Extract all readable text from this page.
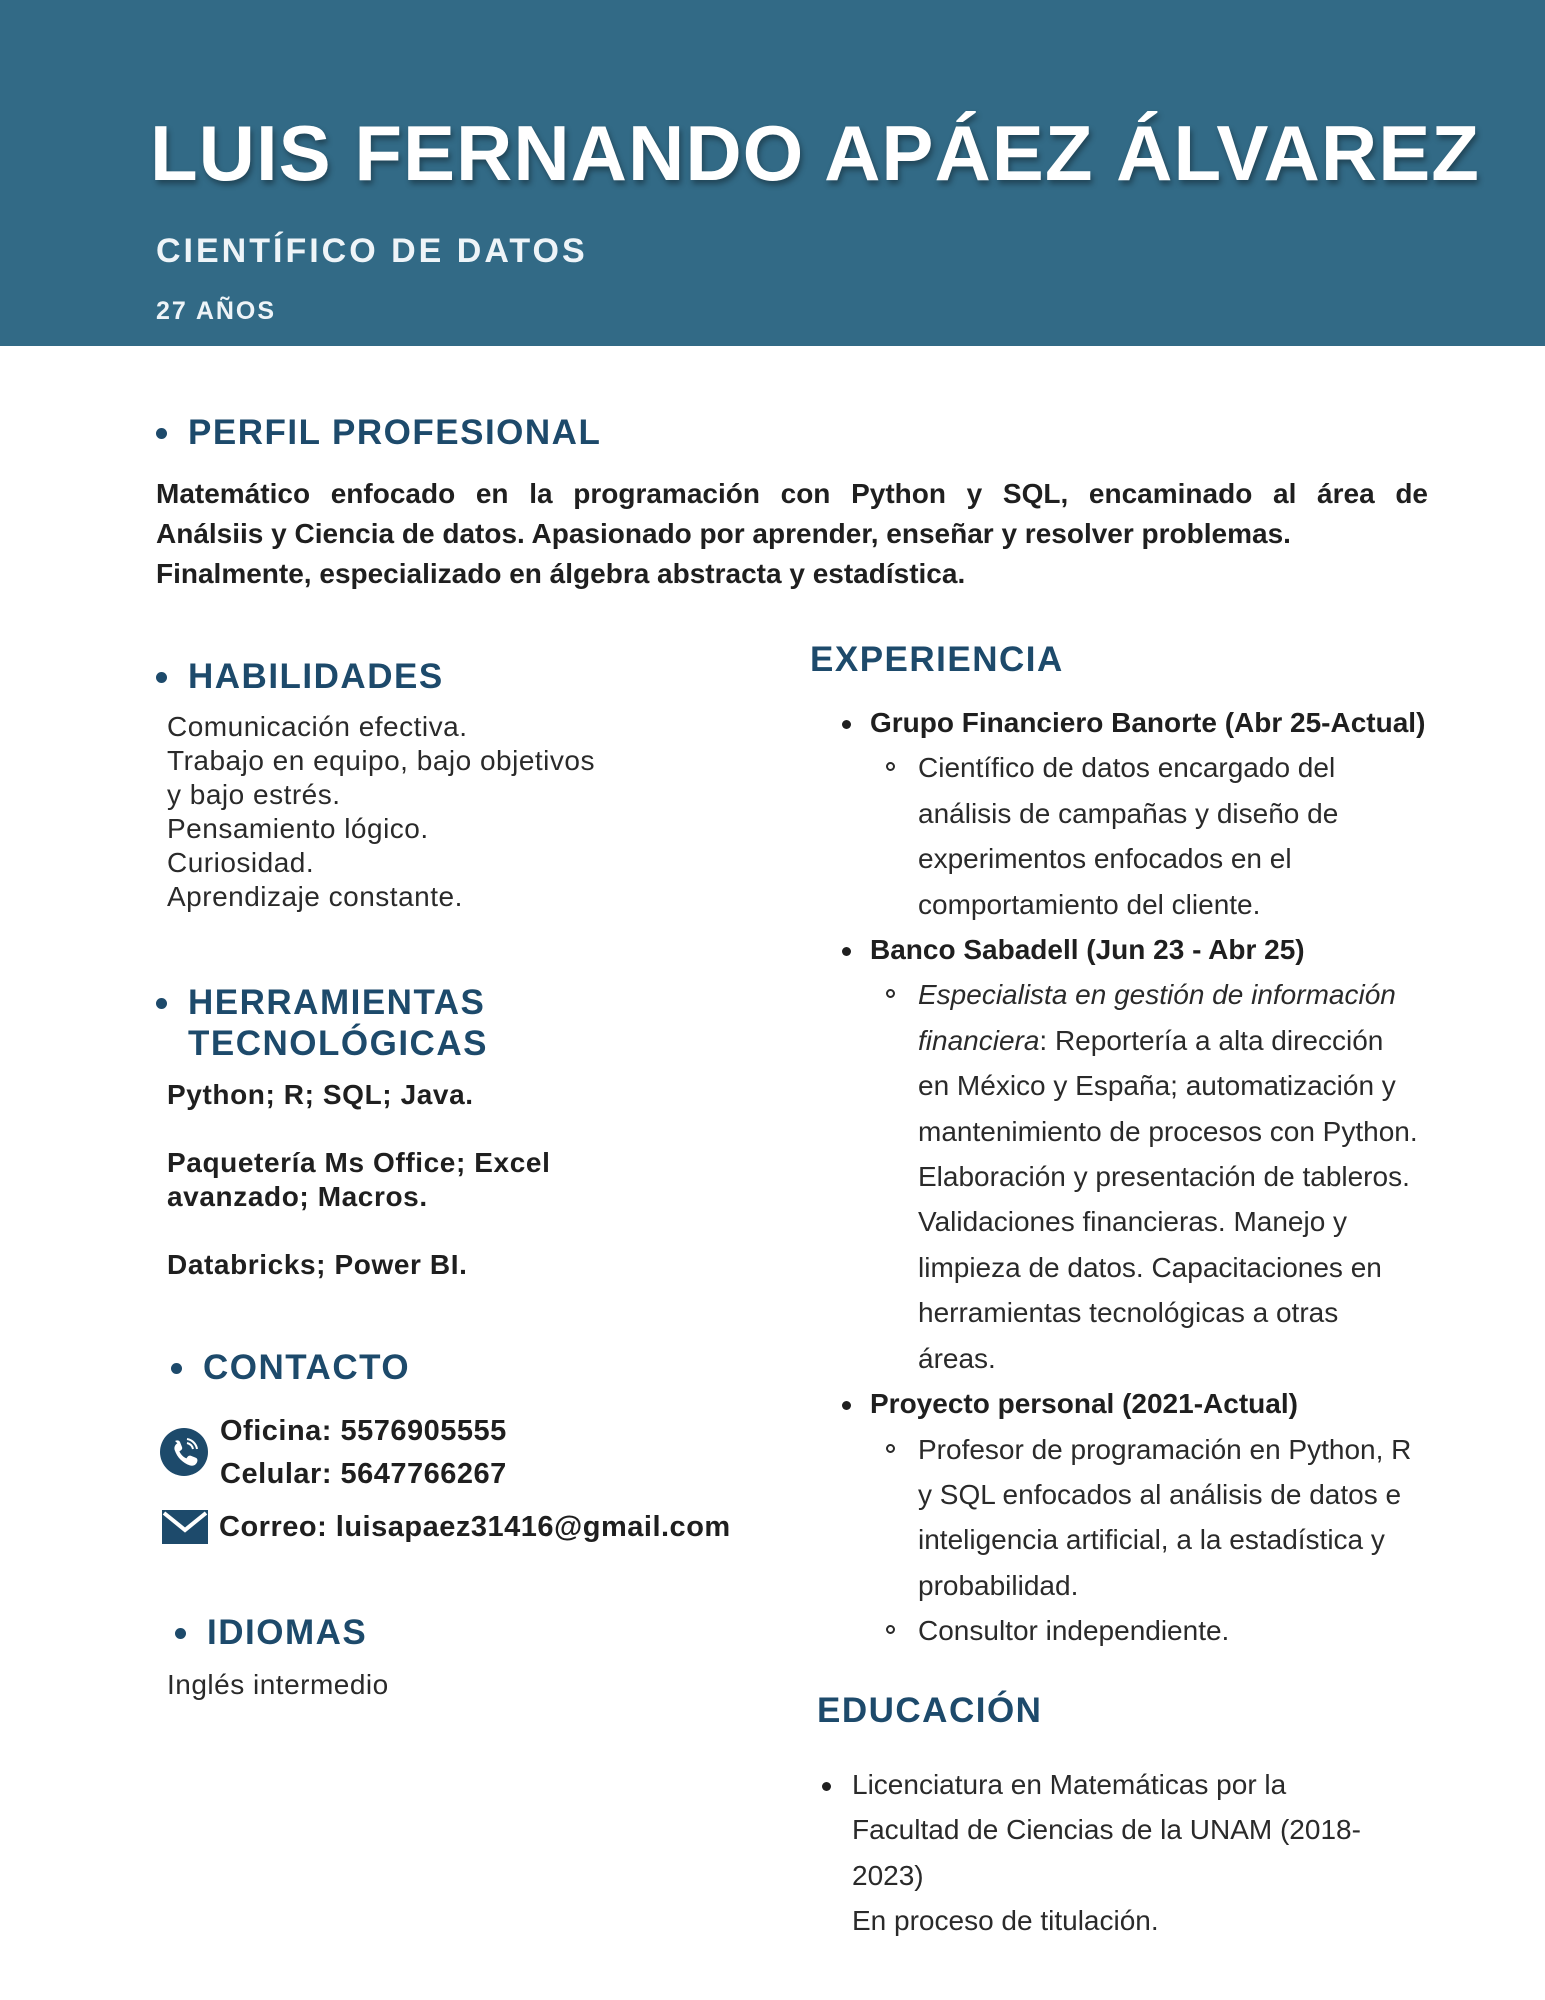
LUIS FERNANDO APÁEZ ÁLVAREZ
CIENTÍFICO DE DATOS
27 AÑOS
PERFIL PROFESIONAL
Matemático enfocado en la programación con Python y SQL, encaminado al área de
Análsiis y Ciencia de datos. Apasionado por aprender, enseñar y resolver problemas.
Finalmente, especializado en álgebra abstracta y estadística.
HABILIDADES
Comunicación efectiva.
Trabajo en equipo, bajo objetivos
y bajo estrés.
Pensamiento lógico.
Curiosidad.
Aprendizaje constante.
HERRAMIENTAS
TECNOLÓGICAS
Python; R; SQL; Java.
Paquetería Ms Office; Excel
avanzado; Macros.
Databricks; Power BI.
CONTACTO
Oficina: 5576905555
Celular: 5647766267
Correo: luisapaez31416@gmail.com
IDIOMAS
Inglés intermedio
EXPERIENCIA
Grupo Financiero Banorte (Abr 25-Actual)
Científico de datos encargado del
análisis de campañas y diseño de
experimentos enfocados en el
comportamiento del cliente.
Banco Sabadell (Jun 23 - Abr 25)
Especialista en gestión de información
financiera: Reportería a alta dirección
en México y España; automatización y
mantenimiento de procesos con Python.
Elaboración y presentación de tableros.
Validaciones financieras. Manejo y
limpieza de datos. Capacitaciones en
herramientas tecnológicas a otras
áreas.
Proyecto personal (2021-Actual)
Profesor de programación en Python, R
y SQL enfocados al análisis de datos e
inteligencia artificial, a la estadística y
probabilidad.
Consultor independiente.
EDUCACIÓN
Licenciatura en Matemáticas por la
Facultad de Ciencias de la UNAM (2018-
2023)
En proceso de titulación.
